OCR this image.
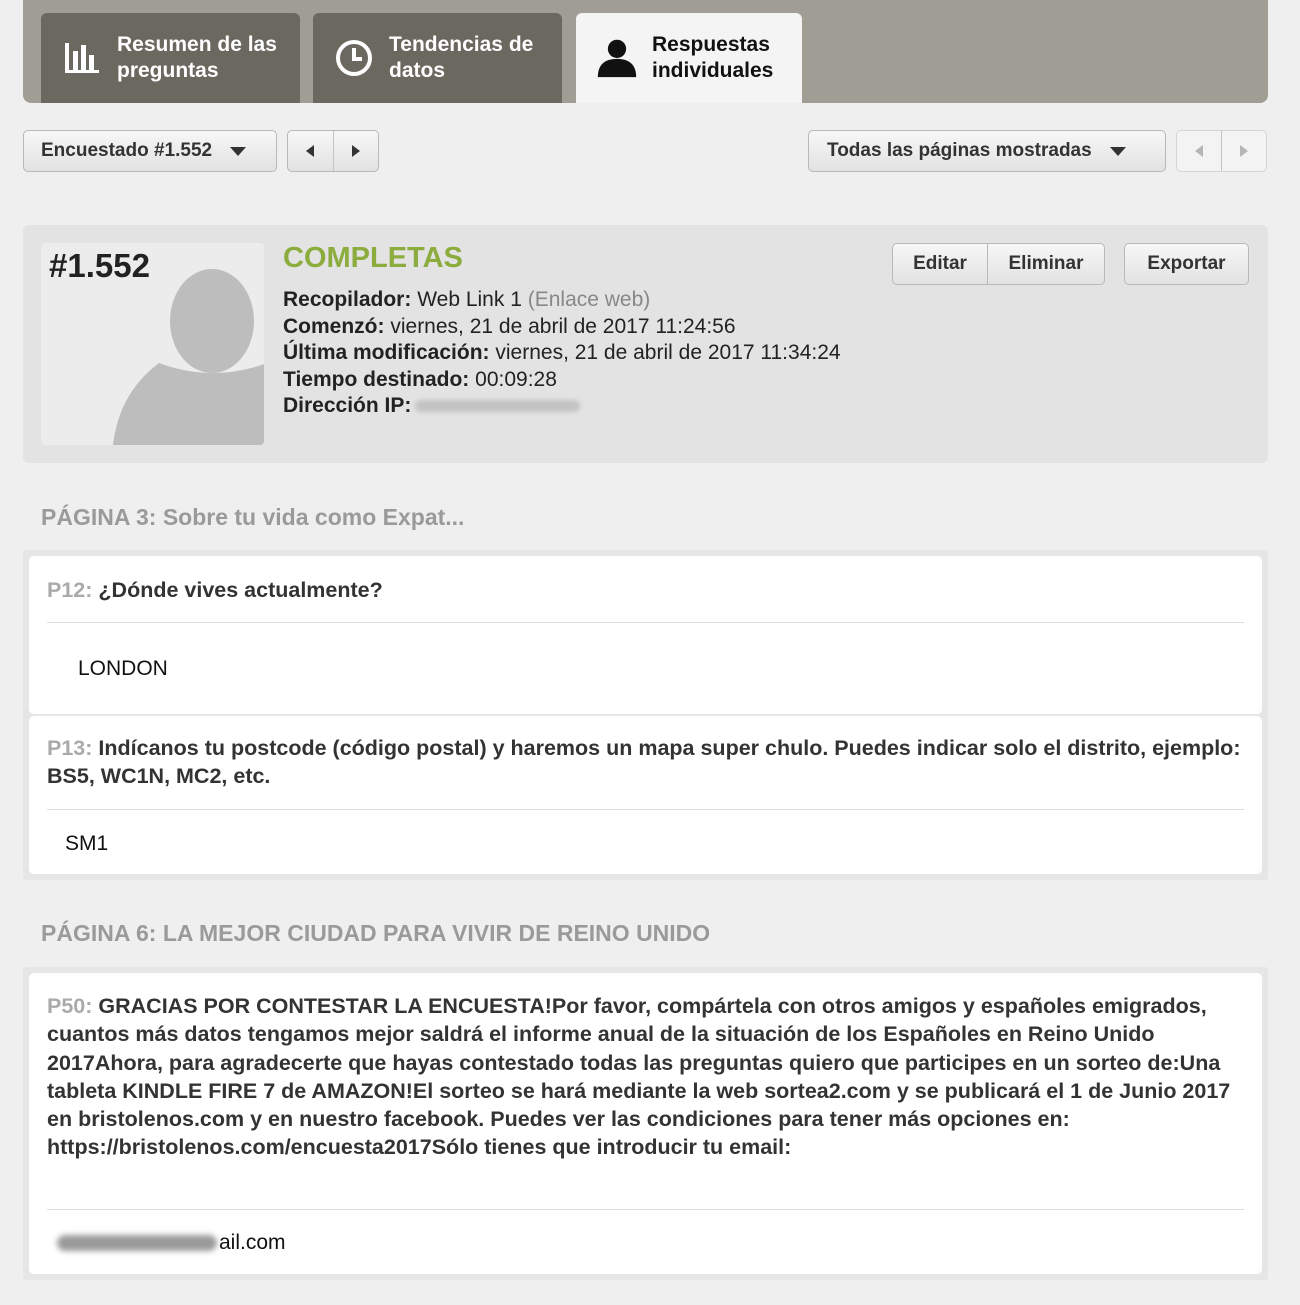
Resumen de las
preguntas
Tendencias de
datos
Respuestas
individuales
Encuestado #1.552	Todas las páginas mostradas
#1.552	COMPLETAS
Recopilador: Web Link 1 (Enlace web)
Comenzó: viernes, 21 de abril de 2017 11:24:56
Última modificación: viernes, 21 de abril de 2017 11:34:24
Tiempo destinado: 00:09:28
Dirección IP:
Editar Eliminar	Exportar
PÁGINA 3: Sobre tu vida como Expat...
P12: ¿Dónde vives actualmente?
LONDON
P13: Indícanos tu postcode (código postal) y haremos un mapa super chulo. Puedes indicar solo el distrito, ejemplo: BS5, WC1N, MC2, etc.
SM1
PÁGINA 6: LA MEJOR CIUDAD PARA VIVIR DE REINO UNIDO
P50: GRACIAS POR CONTESTAR LA ENCUESTA!Por favor, compártela con otros amigos y españoles emigrados, cuantos más datos tengamos mejor saldrá el informe anual de la situación de los Españoles en Reino Unido 2017Ahora, para agradecerte que hayas contestado todas las preguntas quiero que participes en un sorteo de:Una tableta KINDLE FIRE 7 de AMAZON!El sorteo se hará mediante la web sortea2.com y se publicará el 1 de Junio 2017 en bristolenos.com y en nuestro facebook. Puedes ver las condiciones para tener más opciones en: https://bristolenos.com/encuesta2017Sólo tienes que introducir tu email:
ail.com
